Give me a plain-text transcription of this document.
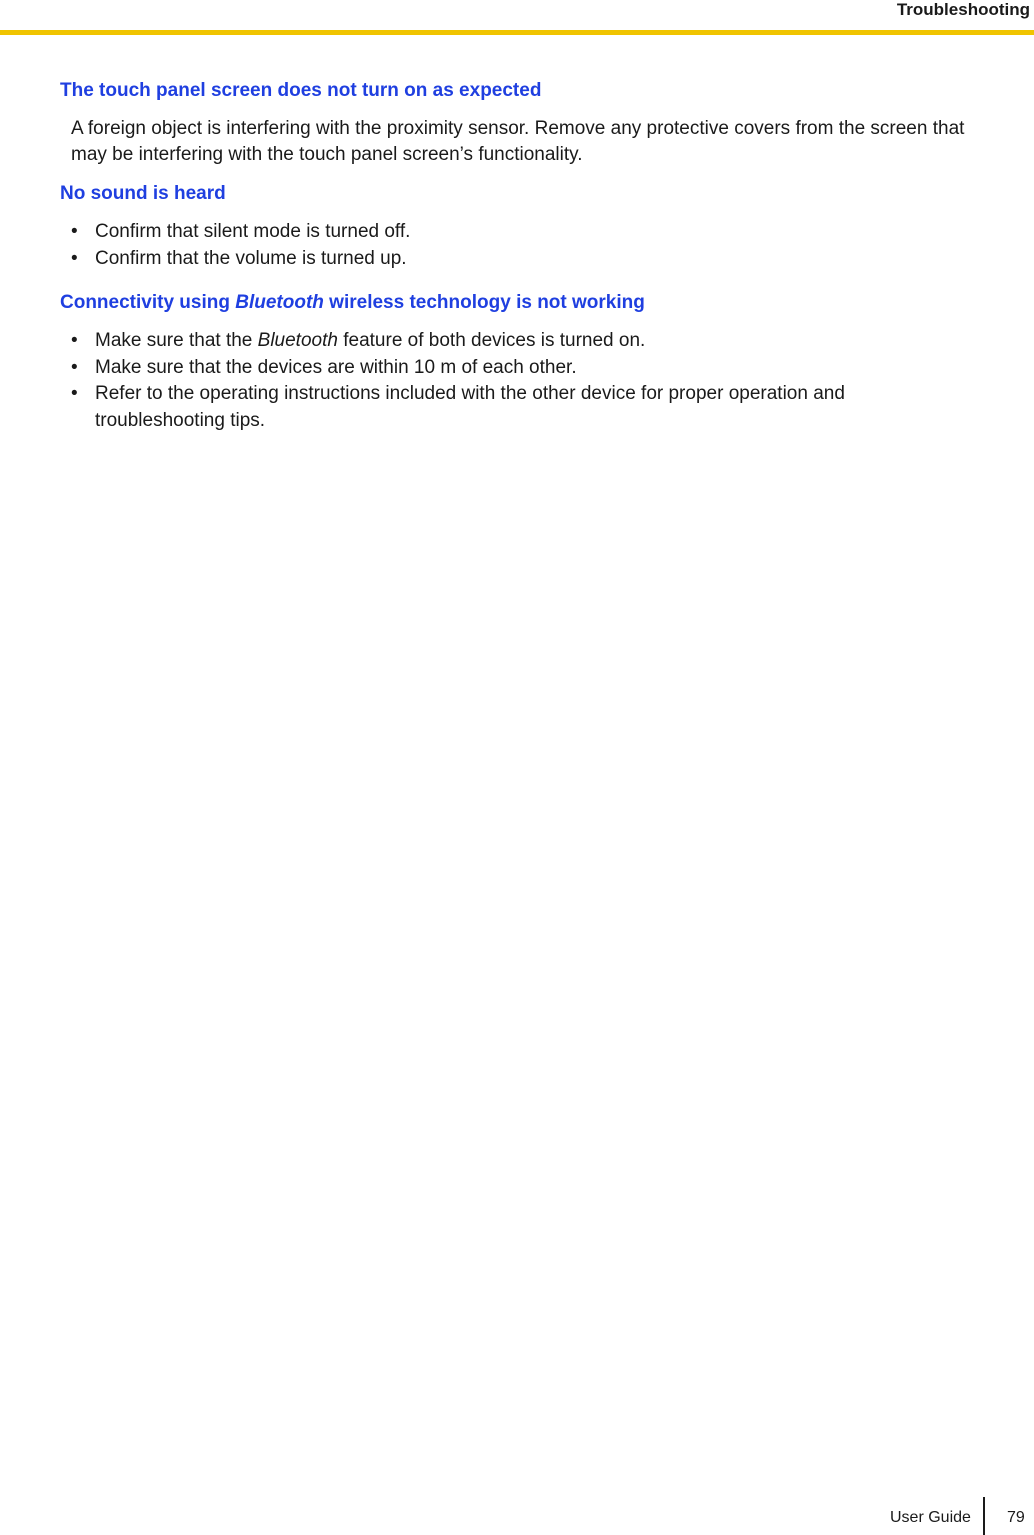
Troubleshooting
The touch panel screen does not turn on as expected
A foreign object is interfering with the proximity sensor. Remove any protective covers from the screen that
may be interfering with the touch panel screen’s functionality.
No sound is heard
• Confirm that silent mode is turned off.
• Confirm that the volume is turned up.
Connectivity using Bluetooth wireless technology is not working
• Make sure that the Bluetooth feature of both devices is turned on.
• Make sure that the devices are within 10 m of each other.
• Refer to the operating instructions included with the other device for proper operation and troubleshooting tips.
User Guide 79
